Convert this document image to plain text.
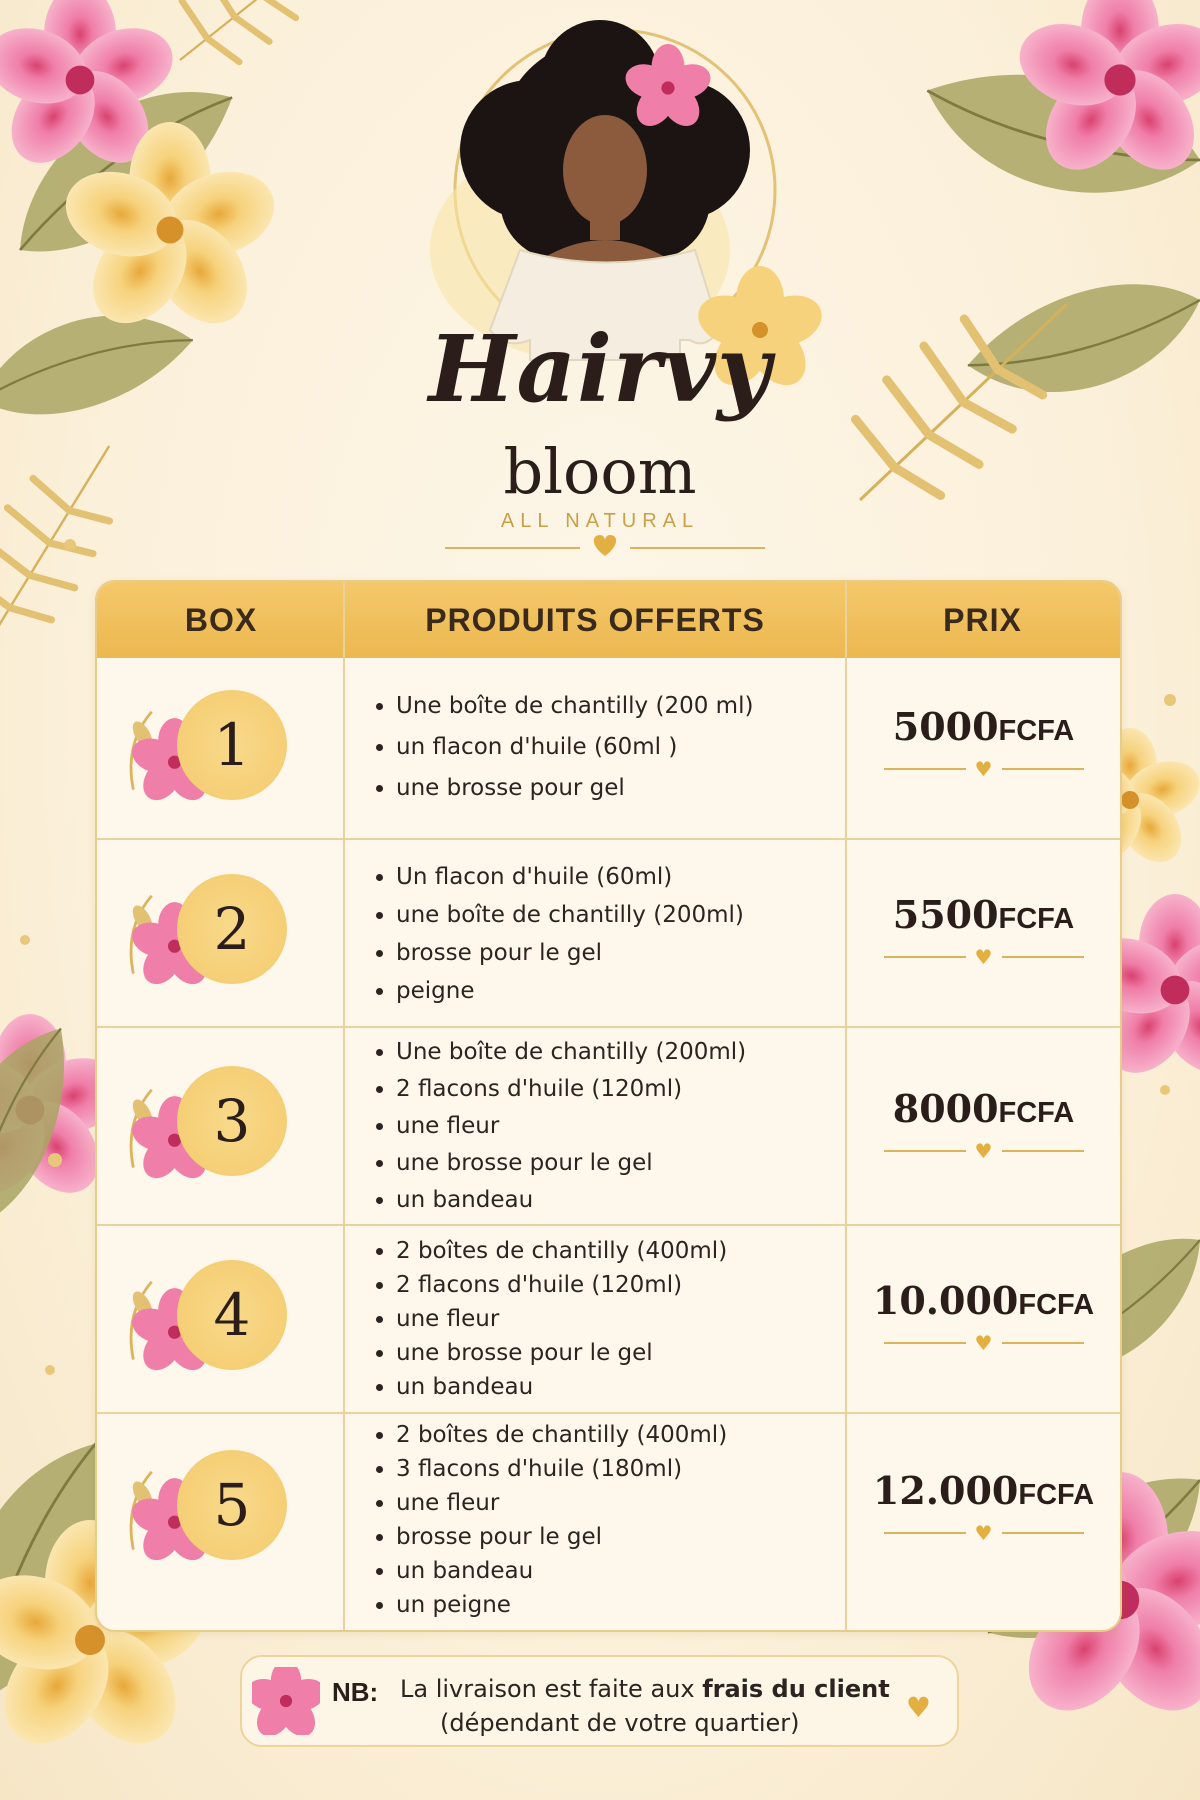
Hairvy
bloom
ALL NATURAL
BOX	PRODUITS OFFERTS	PRIX
1
• Une boîte de chantilly (200 ml)
• un flacon d'huile (60ml )
• une brosse pour gel
5000FCFA
♥
2
• Un flacon d'huile (60ml)
• une boîte de chantilly (200ml)
• brosse pour le gel
• peigne
5500FCFA
♥
3
• Une boîte de chantilly (200ml)
• 2 flacons d'huile (120ml)
• une fleur
• une brosse pour le gel
• un bandeau
8000FCFA
♥
4
• 2 boîtes de chantilly (400ml)
• 2 flacons d'huile (120ml)
• une fleur
• une brosse pour le gel
• un bandeau
10.000FCFA
♥
5
• 2 boîtes de chantilly (400ml)
• 3 flacons d'huile (180ml)
• une fleur
• brosse pour le gel
• un bandeau
• un peigne
12.000FCFA
♥
NB: La livraison est faite aux frais du client
(dépendant de votre quartier)	♥
